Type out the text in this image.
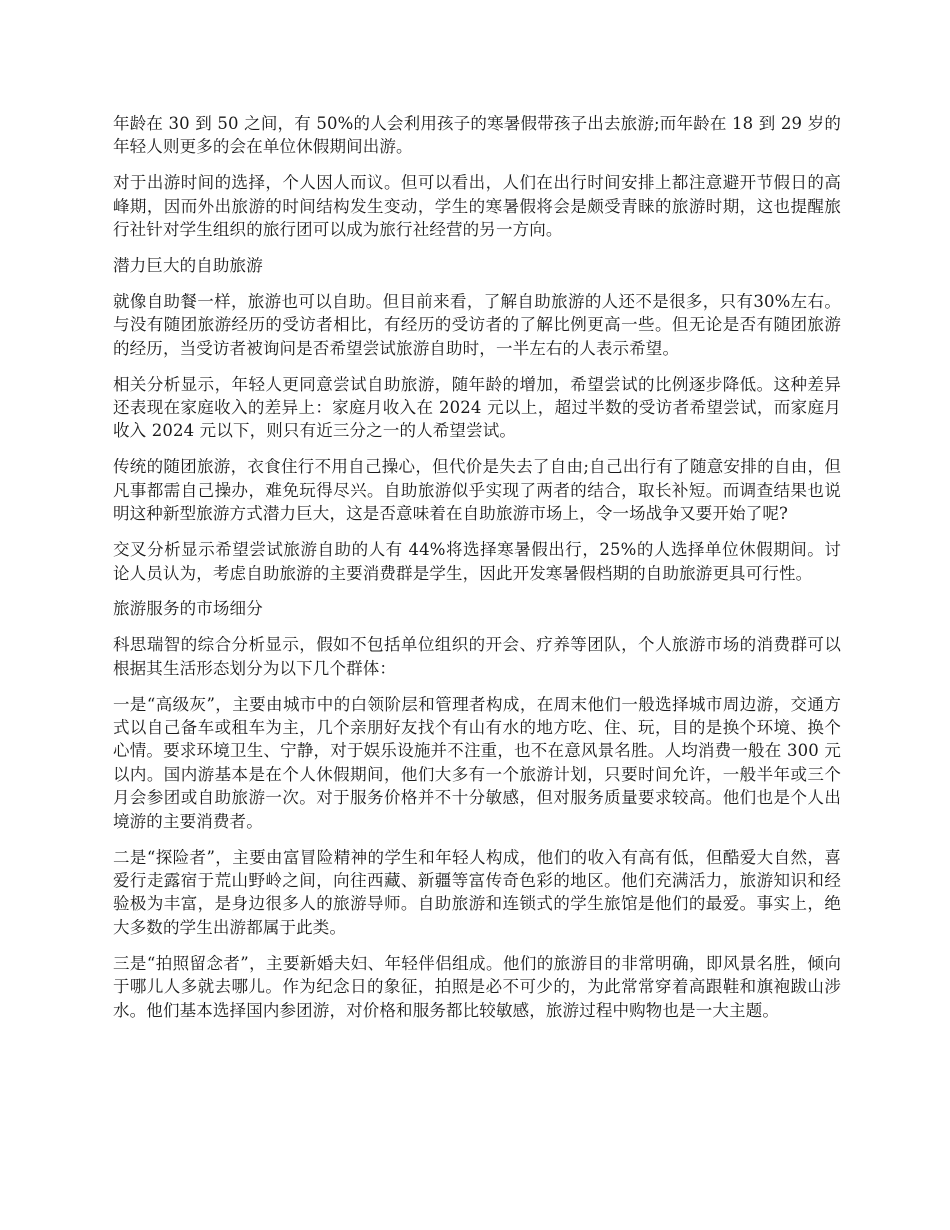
年龄在 30 到 50 之间，有 50%的人会利用孩子的寒暑假带孩子出去旅游;而年龄在 18 到 29 岁的年轻人则更多的会在单位休假期间出游。

对于出游时间的选择，个人因人而议。但可以看出，人们在出行时间安排上都注意避开节假日的高峰期，因而外出旅游的时间结构发生变动，学生的寒暑假将会是颇受青睐的旅游时期，这也提醒旅行社针对学生组织的旅行团可以成为旅行社经营的另一方向。

潜力巨大的自助旅游

就像自助餐一样，旅游也可以自助。但目前来看，了解自助旅游的人还不是很多，只有30%左右。与没有随团旅游经历的受访者相比，有经历的受访者的了解比例更高一些。但无论是否有随团旅游的经历，当受访者被询问是否希望尝试旅游自助时，一半左右的人表示希望。

相关分析显示，年轻人更同意尝试自助旅游，随年龄的增加，希望尝试的比例逐步降低。这种差异还表现在家庭收入的差异上：家庭月收入在 2024 元以上，超过半数的受访者希望尝试，而家庭月收入 2024 元以下，则只有近三分之一的人希望尝试。

传统的随团旅游，衣食住行不用自己操心，但代价是失去了自由;自己出行有了随意安排的自由，但凡事都需自己操办，难免玩得尽兴。自助旅游似乎实现了两者的结合，取长补短。而调查结果也说明这种新型旅游方式潜力巨大，这是否意味着在自助旅游市场上，令一场战争又要开始了呢?

交叉分析显示希望尝试旅游自助的人有 44%将选择寒暑假出行，25%的人选择单位休假期间。讨论人员认为，考虑自助旅游的主要消费群是学生，因此开发寒暑假档期的自助旅游更具可行性。

旅游服务的市场细分

科思瑞智的综合分析显示，假如不包括单位组织的开会、疗养等团队，个人旅游市场的消费群可以根据其生活形态划分为以下几个群体：

一是“高级灰”，主要由城市中的白领阶层和管理者构成，在周末他们一般选择城市周边游，交通方式以自己备车或租车为主，几个亲朋好友找个有山有水的地方吃、住、玩，目的是换个环境、换个心情。要求环境卫生、宁静，对于娱乐设施并不注重，也不在意风景名胜。人均消费一般在 300 元以内。国内游基本是在个人休假期间，他们大多有一个旅游计划，只要时间允许，一般半年或三个月会参团或自助旅游一次。对于服务价格并不十分敏感，但对服务质量要求较高。他们也是个人出境游的主要消费者。

二是“探险者”，主要由富冒险精神的学生和年轻人构成，他们的收入有高有低，但酷爱大自然，喜爱行走露宿于荒山野岭之间，向往西藏、新疆等富传奇色彩的地区。他们充满活力，旅游知识和经验极为丰富，是身边很多人的旅游导师。自助旅游和连锁式的学生旅馆是他们的最爱。事实上，绝大多数的学生出游都属于此类。

三是“拍照留念者”，主要新婚夫妇、年轻伴侣组成。他们的旅游目的非常明确，即风景名胜，倾向于哪儿人多就去哪儿。作为纪念日的象征，拍照是必不可少的，为此常常穿着高跟鞋和旗袍跋山涉水。他们基本选择国内参团游，对价格和服务都比较敏感，旅游过程中购物也是一大主题。
